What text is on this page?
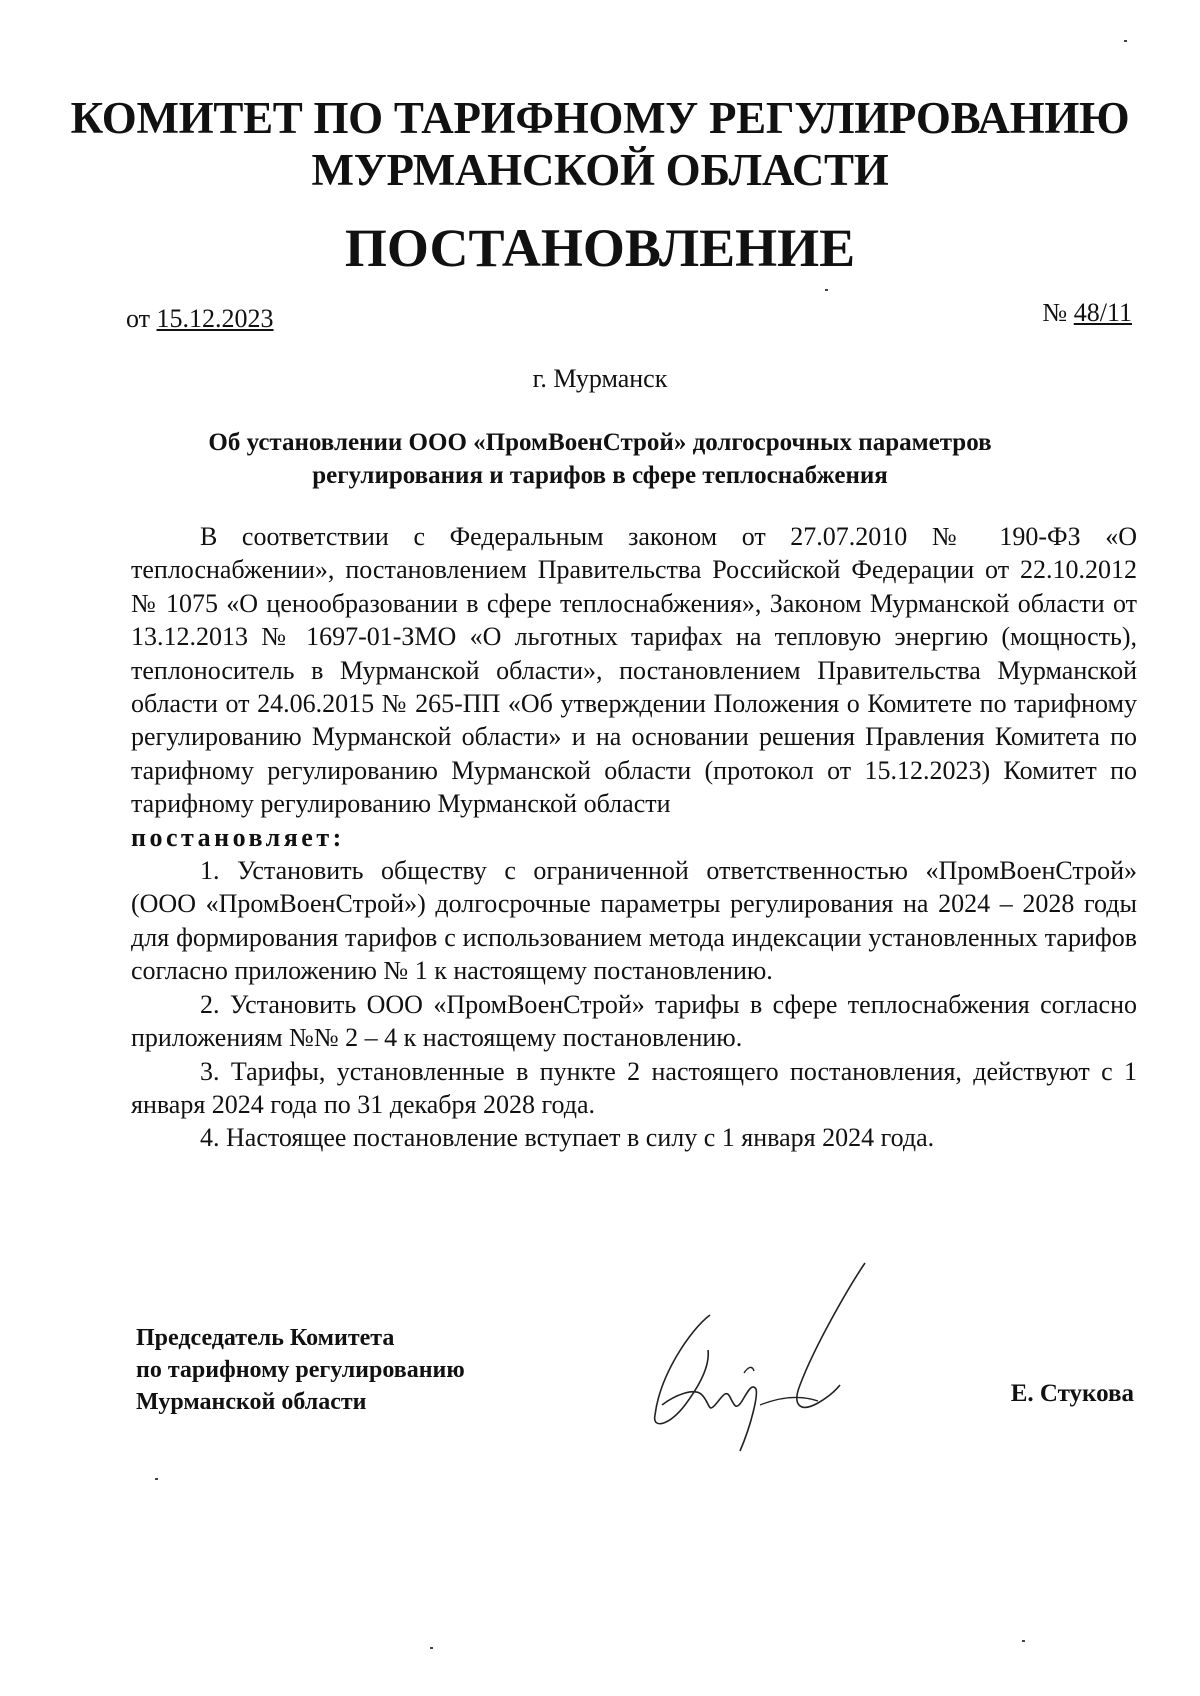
КОМИТЕТ ПО ТАРИФНОМУ РЕГУЛИРОВАНИЮ
МУРМАНСКОЙ ОБЛАСТИ
ПОСТАНОВЛЕНИЕ
от 15.12.2023	№ 48/11
г. Мурманск
Об установлении ООО «ПромВоенСтрой» долгосрочных параметров
регулирования и тарифов в сфере теплоснабжения

В соответствии с Федеральным законом от 27.07.2010 № 190-ФЗ «О теплоснабжении», постановлением Правительства Российской Федерации от 22.10.2012 № 1075 «О ценообразовании в сфере теплоснабжения», Законом Мурманской области от 13.12.2013 № 1697-01-ЗМО «О льготных тарифах на тепловую энергию (мощность), теплоноситель в Мурманской области», постановлением Правительства Мурманской области от 24.06.2015 № 265-ПП «Об утверждении Положения о Комитете по тарифному регулированию Мурманской области» и на основании решения Правления Комитета по тарифному регулированию Мурманской области (протокол от 15.12.2023) Комитет по тарифному регулированию Мурманской области

постановляет:

1. Установить обществу с ограниченной ответственностью «ПромВоенСтрой» (ООО «ПромВоенСтрой») долгосрочные параметры регулирования на 2024 – 2028 годы для формирования тарифов с использованием метода индексации установленных тарифов согласно приложению № 1 к настоящему постановлению.

2. Установить ООО «ПромВоенСтрой» тарифы в сфере теплоснабжения согласно приложениям №№ 2 – 4 к настоящему постановлению.

3. Тарифы, установленные в пункте 2 настоящего постановления, действуют с 1 января 2024 года по 31 декабря 2028 года.

4. Настоящее постановление вступает в силу с 1 января 2024 года.

Председатель Комитета
по тарифному регулированию
Мурманской области	Е. Стукова
